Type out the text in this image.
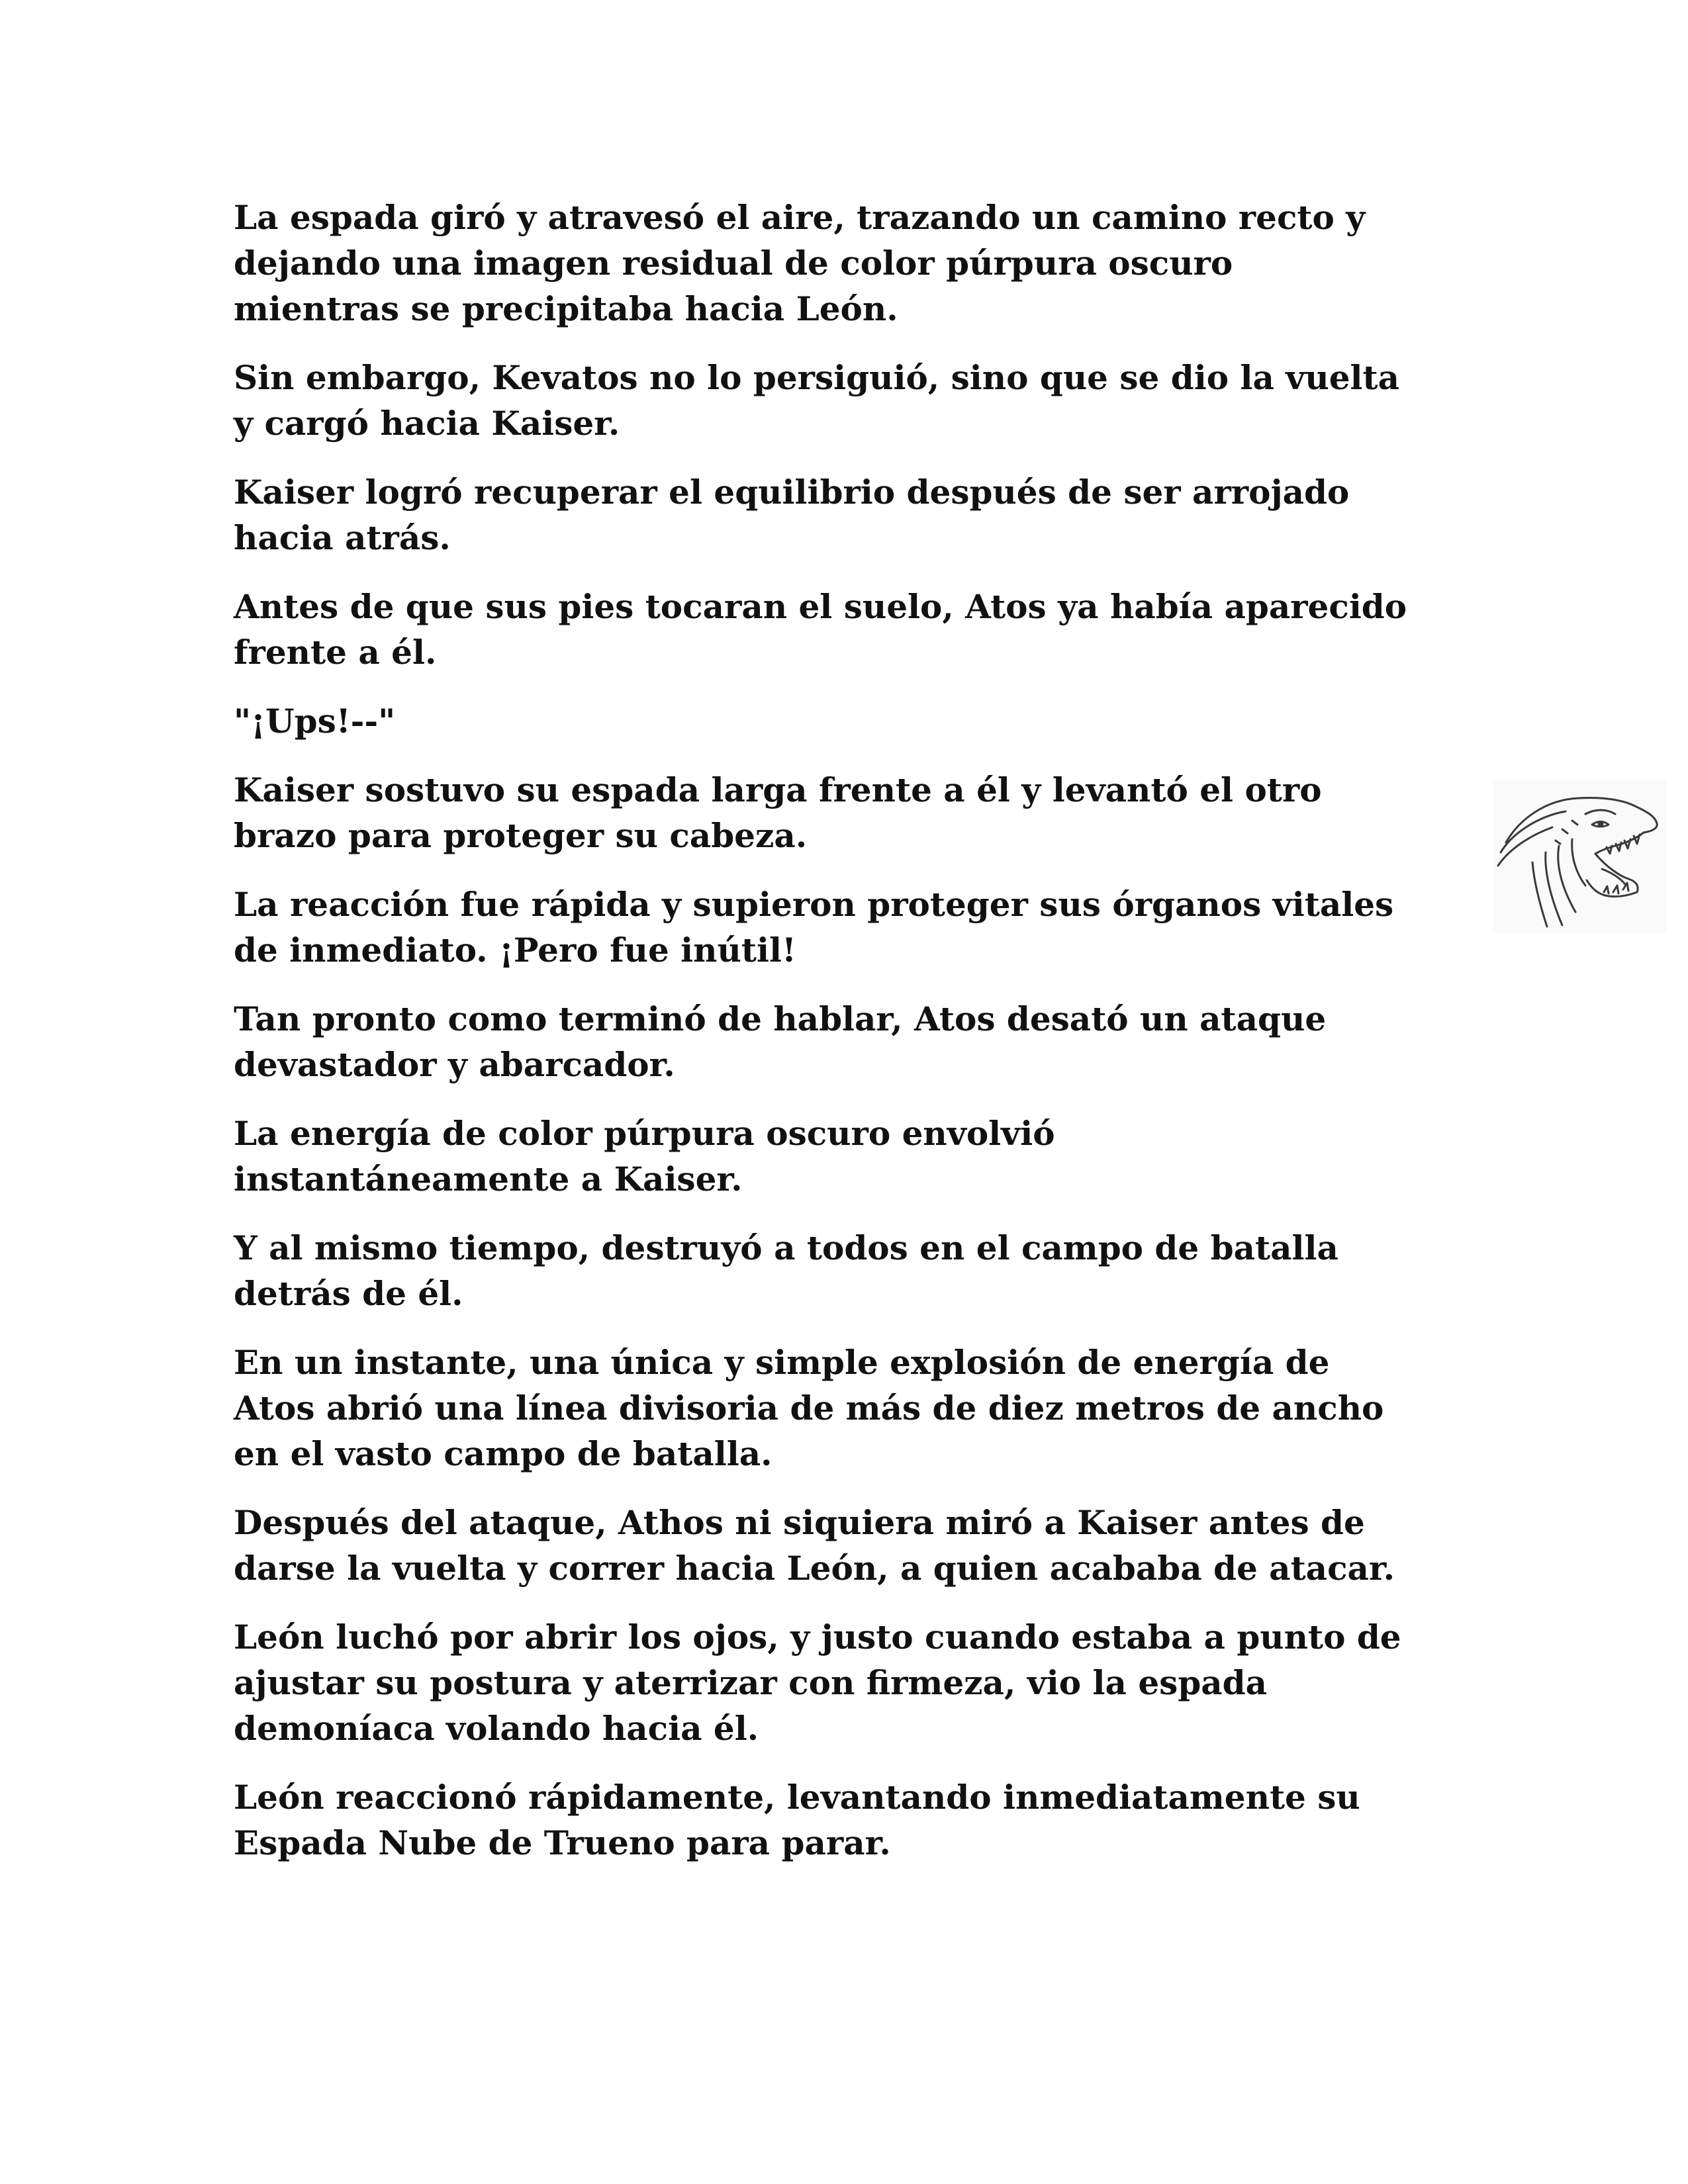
La espada giró y atravesó el aire, trazando un camino recto y
dejando una imagen residual de color púrpura oscuro
mientras se precipitaba hacia León.

Sin embargo, Kevatos no lo persiguió, sino que se dio la vuelta
y cargó hacia Kaiser.

Kaiser logró recuperar el equilibrio después de ser arrojado
hacia atrás.

Antes de que sus pies tocaran el suelo, Atos ya había aparecido
frente a él.

"¡Ups!--"

Kaiser sostuvo su espada larga frente a él y levantó el otro
brazo para proteger su cabeza.

La reacción fue rápida y supieron proteger sus órganos vitales
de inmediato. ¡Pero fue inútil!

Tan pronto como terminó de hablar, Atos desató un ataque
devastador y abarcador.

La energía de color púrpura oscuro envolvió
instantáneamente a Kaiser.

Y al mismo tiempo, destruyó a todos en el campo de batalla
detrás de él.

En un instante, una única y simple explosión de energía de
Atos abrió una línea divisoria de más de diez metros de ancho
en el vasto campo de batalla.

Después del ataque, Athos ni siquiera miró a Kaiser antes de
darse la vuelta y correr hacia León, a quien acababa de atacar.

León luchó por abrir los ojos, y justo cuando estaba a punto de
ajustar su postura y aterrizar con firmeza, vio la espada
demoníaca volando hacia él.

León reaccionó rápidamente, levantando inmediatamente su
Espada Nube de Trueno para parar.
